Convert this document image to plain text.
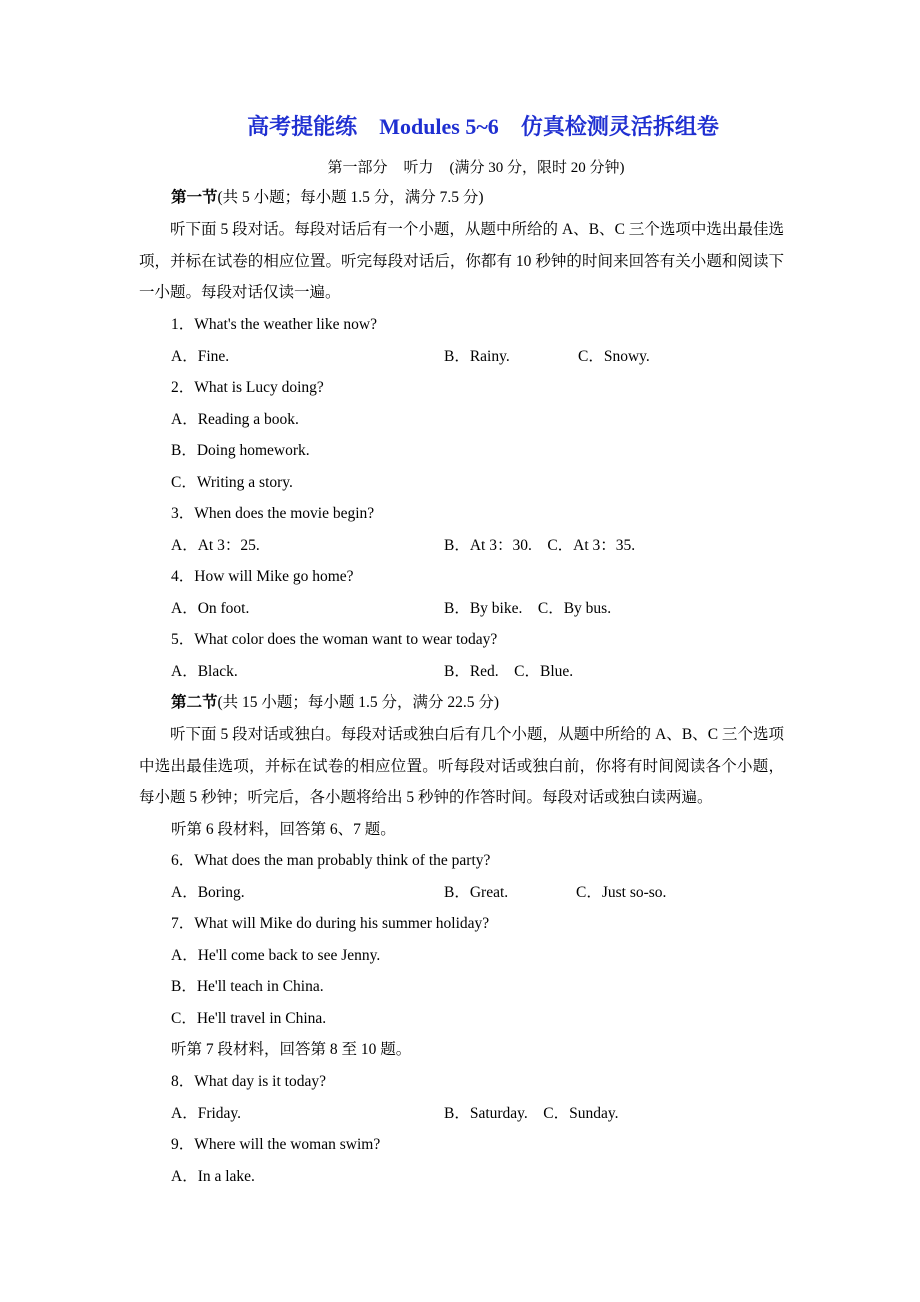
高考提能练 Modules 5~6 仿真检测灵活拆组卷
第一部分 听力 (满分 30 分，限时 20 分钟)
第一节(共 5 小题；每小题 1.5 分，满分 7.5 分)
听下面 5 段对话。每段对话后有一个小题，从题中所给的 A、B、C 三个选项中选出最佳选项，并标在试卷的相应位置。听完每段对话后，你都有 10 秒钟的时间来回答有关小题和阅读下一小题。每段对话仅读一遍。
1．What's the weather like now?
A．Fine.	B．Rainy.	C．Snowy.
2．What is Lucy doing?
A．Reading a book.
B．Doing homework.
C．Writing a story.
3．When does the movie begin?
A．At 3：25.	B．At 3：30.　C．At 3：35.
4．How will Mike go home?
A．On foot.	B．By bike.　C．By bus.
5．What color does the woman want to wear today?
A．Black.	B．Red.　C．Blue.
第二节(共 15 小题；每小题 1.5 分，满分 22.5 分)
听下面 5 段对话或独白。每段对话或独白后有几个小题，从题中所给的 A、B、C 三个选项中选出最佳选项，并标在试卷的相应位置。听每段对话或独白前，你将有时间阅读各个小题，每小题 5 秒钟；听完后，各小题将给出 5 秒钟的作答时间。每段对话或独白读两遍。
听第 6 段材料，回答第 6、7 题。
6．What does the man probably think of the party?
A．Boring.	B．Great.	C．Just so-so.
7．What will Mike do during his summer holiday?
A．He'll come back to see Jenny.
B．He'll teach in China.
C．He'll travel in China.
听第 7 段材料，回答第 8 至 10 题。
8．What day is it today?
A．Friday.	B．Saturday.　C．Sunday.
9．Where will the woman swim?
A．In a lake.
